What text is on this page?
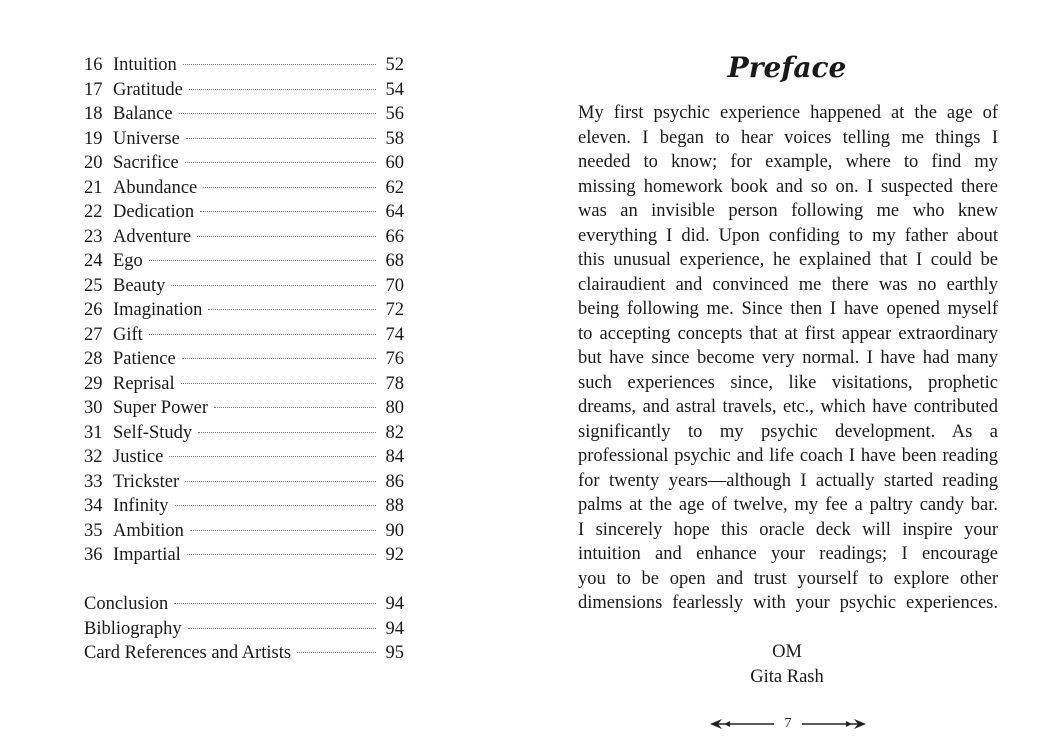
16 Intuition	52
17 Gratitude	54
18 Balance	56
19 Universe	58
20 Sacrifice	60
21 Abundance	62
22 Dedication	64
23 Adventure	66
24 Ego	68
25 Beauty	70
26 Imagination	72
27 Gift	74
28 Patience	76
29 Reprisal	78
30 Super Power	80
31 Self-Study	82
32 Justice	84
33 Trickster	86
34 Infinity	88
35 Ambition	90
36 Impartial	92
Conclusion	94
Bibliography	94
Card References and Artists	95
Preface
My first psychic experience happened at the age of
eleven. I began to hear voices telling me things I
needed to know; for example, where to find my
missing homework book and so on. I suspected there
was an invisible person following me who knew
everything I did. Upon confiding to my father about
this unusual experience, he explained that I could be
clairaudient and convinced me there was no earthly
being following me. Since then I have opened myself
to accepting concepts that at first appear extraordinary
but have since become very normal. I have had many
such experiences since, like visitations, prophetic
dreams, and astral travels, etc., which have contributed
significantly to my psychic development. As a
professional psychic and life coach I have been reading
for twenty years—although I actually started reading
palms at the age of twelve, my fee a paltry candy bar.
I sincerely hope this oracle deck will inspire your
intuition and enhance your readings; I encourage
you to be open and trust yourself to explore other
dimensions fearlessly with your psychic experiences.
OM
Gita Rash
7
